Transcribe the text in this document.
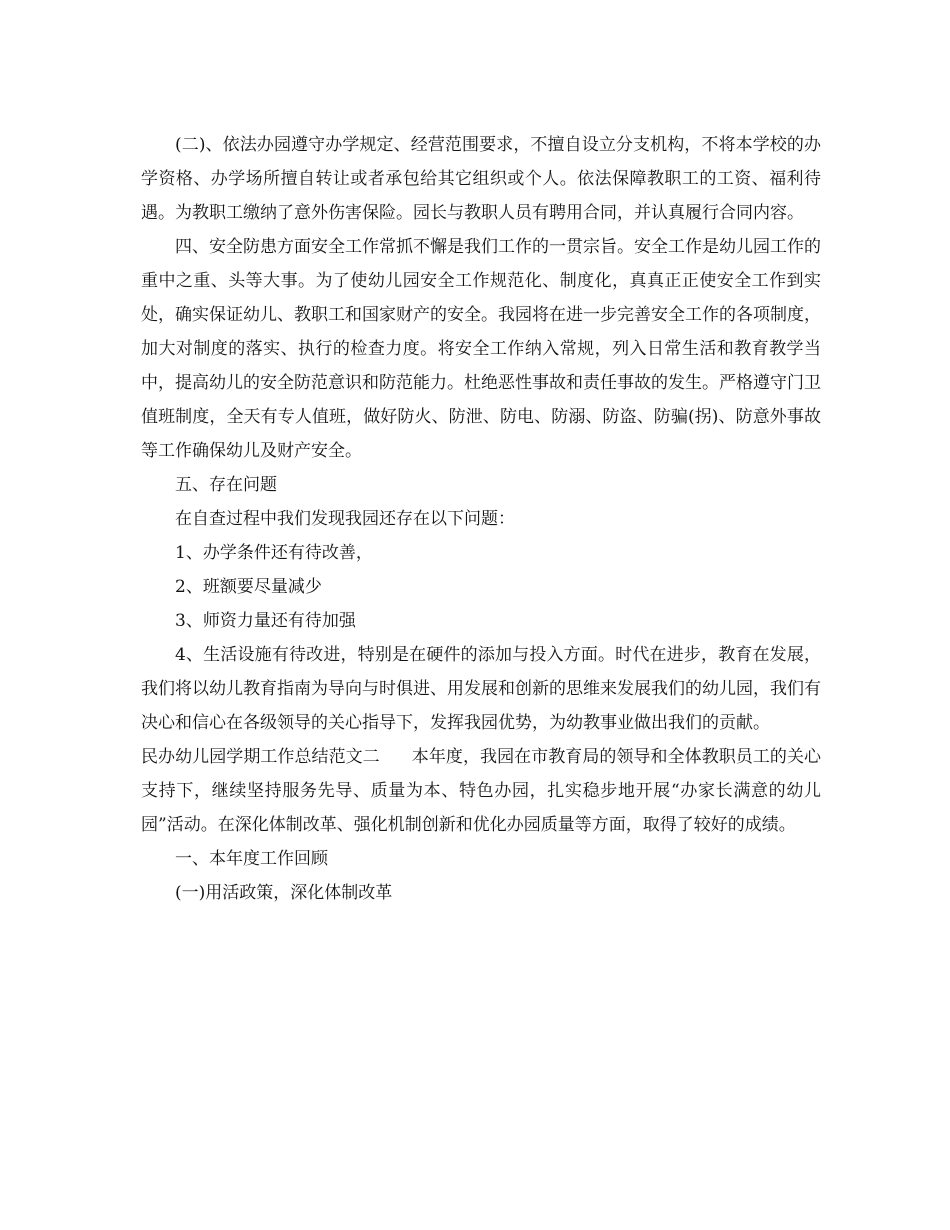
(二)、依法办园遵守办学规定、经营范围要求，不擅自设立分支机构，不将本学校的办学资格、办学场所擅自转让或者承包给其它组织或个人。依法保障教职工的工资、福利待遇。为教职工缴纳了意外伤害保险。园长与教职人员有聘用合同，并认真履行合同内容。

四、安全防患方面安全工作常抓不懈是我们工作的一贯宗旨。安全工作是幼儿园工作的重中之重、头等大事。为了使幼儿园安全工作规范化、制度化，真真正正使安全工作到实处，确实保证幼儿、教职工和国家财产的安全。我园将在进一步完善安全工作的各项制度，加大对制度的落实、执行的检查力度。将安全工作纳入常规，列入日常生活和教育教学当中，提高幼儿的安全防范意识和防范能力。杜绝恶性事故和责任事故的发生。严格遵守门卫值班制度，全天有专人值班，做好防火、防泄、防电、防溺、防盗、防骗(拐)、防意外事故等工作确保幼儿及财产安全。

五、存在问题

在自查过程中我们发现我园还存在以下问题：

1、办学条件还有待改善，

2、班额要尽量减少

3、师资力量还有待加强

4、生活设施有待改进，特别是在硬件的添加与投入方面。时代在进步，教育在发展，我们将以幼儿教育指南为导向与时俱进、用发展和创新的思维来发展我们的幼儿园，我们有决心和信心在各级领导的关心指导下，发挥我园优势，为幼教事业做出我们的贡献。

民办幼儿园学期工作总结范文二 本年度，我园在市教育局的领导和全体教职员工的关心支持下，继续坚持服务先导、质量为本、特色办园，扎实稳步地开展“办家长满意的幼儿园”活动。在深化体制改革、强化机制创新和优化办园质量等方面，取得了较好的成绩。

一、本年度工作回顾

(一)用活政策，深化体制改革
